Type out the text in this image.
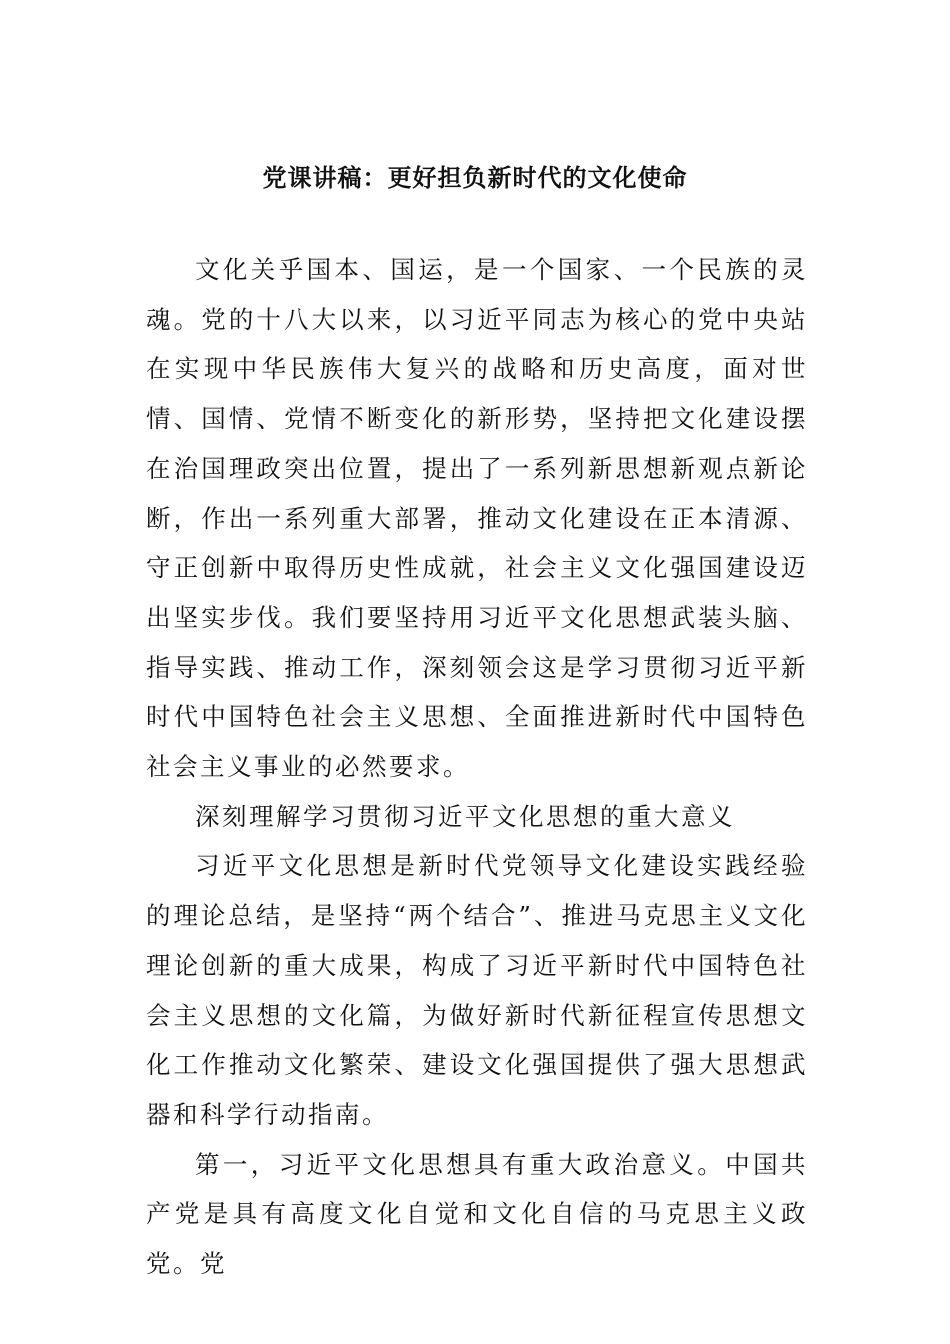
党课讲稿：更好担负新时代的文化使命

文化关乎国本、国运，是一个国家、一个民族的灵魂。党的十八大以来，以习近平同志为核心的党中央站在实现中华民族伟大复兴的战略和历史高度，面对世情、国情、党情不断变化的新形势，坚持把文化建设摆在治国理政突出位置，提出了一系列新思想新观点新论断，作出一系列重大部署，推动文化建设在正本清源、守正创新中取得历史性成就，社会主义文化强国建设迈出坚实步伐。我们要坚持用习近平文化思想武装头脑、指导实践、推动工作，深刻领会这是学习贯彻习近平新时代中国特色社会主义思想、全面推进新时代中国特色社会主义事业的必然要求。

深刻理解学习贯彻习近平文化思想的重大意义

习近平文化思想是新时代党领导文化建设实践经验的理论总结，是坚持“两个结合”、推进马克思主义文化理论创新的重大成果，构成了习近平新时代中国特色社会主义思想的文化篇，为做好新时代新征程宣传思想文化工作推动文化繁荣、建设文化强国提供了强大思想武器和科学行动指南。

第一，习近平文化思想具有重大政治意义。中国共产党是具有高度文化自觉和文化自信的马克思主义政党。党
